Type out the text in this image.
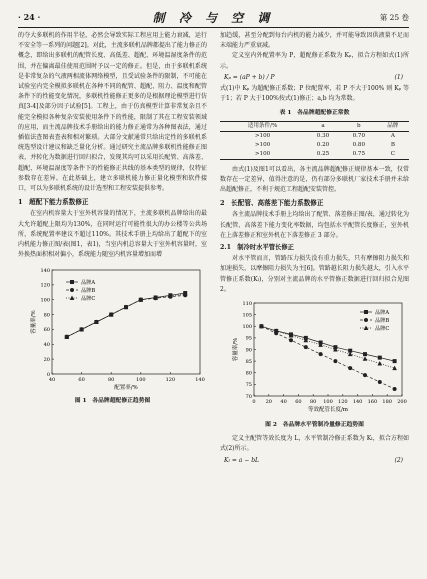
· 24 ·	制 冷 与 空 调	第 25 卷

的夺大多联机的作用半径，必然会导致实际工程应用上能力衰减，运行不安全等一系列的问题[2]。对此，主流多联机品牌都提出了能力修正的概念，即给出多联机的配管长度、高低差、超配、环境温湿度条件的范围，并在偏离最佳使用范围时予以一定的修正。但是，由于多联机系统是非常复杂的气液两相流体网络模型，且受试验条件的限制，不可能在试验室内完全模拟多联机在各种不同的配管、超配、阻力、温度和配管条件下的性能变化情况，多联机性能修正更多的是根据理论模型进行仿真[3-4]及部分因子试验[5]。工程上，由于仿真模型计算非常复杂且不能完全模拟各种复杂安装使用条件下的性能，限制了其在工程安装领域的应用，而主流品牌技术手册给出的能力修正通常为各种图表法，通过插值法查图表查表和相对繁琐。大部分文献通常只给出定性的多联机系统选型设计建议和缺乏量化分析。通过研究主流品牌多联机性能修正图表，并转化为数据进行回归拟合，发现其均可以采用长配管、高落差、超配、环境温湿度等条件下的性能修正共线的基本类型的规律，仅特征参数存在差异。在此基础上，建立多联机能力修正量化模型和软件接口，可以为多联机系统的设计选型和工程安装提供参考。

1　超配下能力系数修正

在室内机容量大于室外机容量的情况下，主流多联机品牌给出的最大允许超配上限均为130%，在同时运行可能性很大的办公楼等公共场所，系统配置率建议不超过110%。其技术手册上均给出了超配下的室内机能力修正图/表(图1，表1)，当室内机总容量大于室外机容量时，室外换热面积相对偏小，系统能力随室内机容量增加而增

40	60	80	100	120	140
0
20
40
60
80
100
120
140
配置率/%
容量率/%
品牌A
品牌B
品牌C
图 1　各品牌超配修正趋势图

加趋缓，甚至分配到每台内机的能力减少，并可能导致因供液量不足而末端能力严重衰减。

定义室内外配置率为 P，超配修正系数为 Kₚ，拟合方程如式(1)所示。

Kₚ = (aP + b) / P	(1)

式(1)中 Kₚ 为超配修正系数；P 位配置率，若 P 不大于100% 则 Kₚ 等于1；若 P 大于100%按式(1)修正；a,b 均为常数。

表 1　各品牌超配修正常数
适用条件/%	a	b	品牌
>100	0.30	0.70	A
>100	0.20	0.80	B
>100	0.25	0.75	C

由式(1)及图1可以看出，各主流品牌超配修正规律基本一致，仅常数存在一定差异，值得注意的是，仍有部分多联机厂家技术手册并未给出超配修正，不利于规范工程超配安装管控。

2　长配管、高落差下能力系数修正

各主流品牌技术手册上均给出了配管、落差修正图/表，通过转化为长配管、高落差下能力变化率数据，均包括水平配管长度修正，室外机在上落差修正和室外机在下落差修正 3 部分。

2.1　制冷时水平管长修正

对水平管而言，管路压力损失没有重力损失，只有摩擦阻力损失和加速损失，以摩擦阻力损失为主[6]。管路越长阻力损失越大，引入水平管修正系数(Kₗ)，分别对主流品牌的水平管修正数据进行回归拟合见图2。

0 20 40 60 80 100 120 140 160 180 200
70
75
80
85
90
95
100
105
110
等效配管长度/m
容量率/%
品牌A
品牌B
品牌C
图 2　各品牌水平管制冷量修正趋势图

定义主配管等效长度为 L，水平管制冷修正系数为 Kₗ，拟合方程如式(2)所示。

Kₗ = a − bL	(2)
